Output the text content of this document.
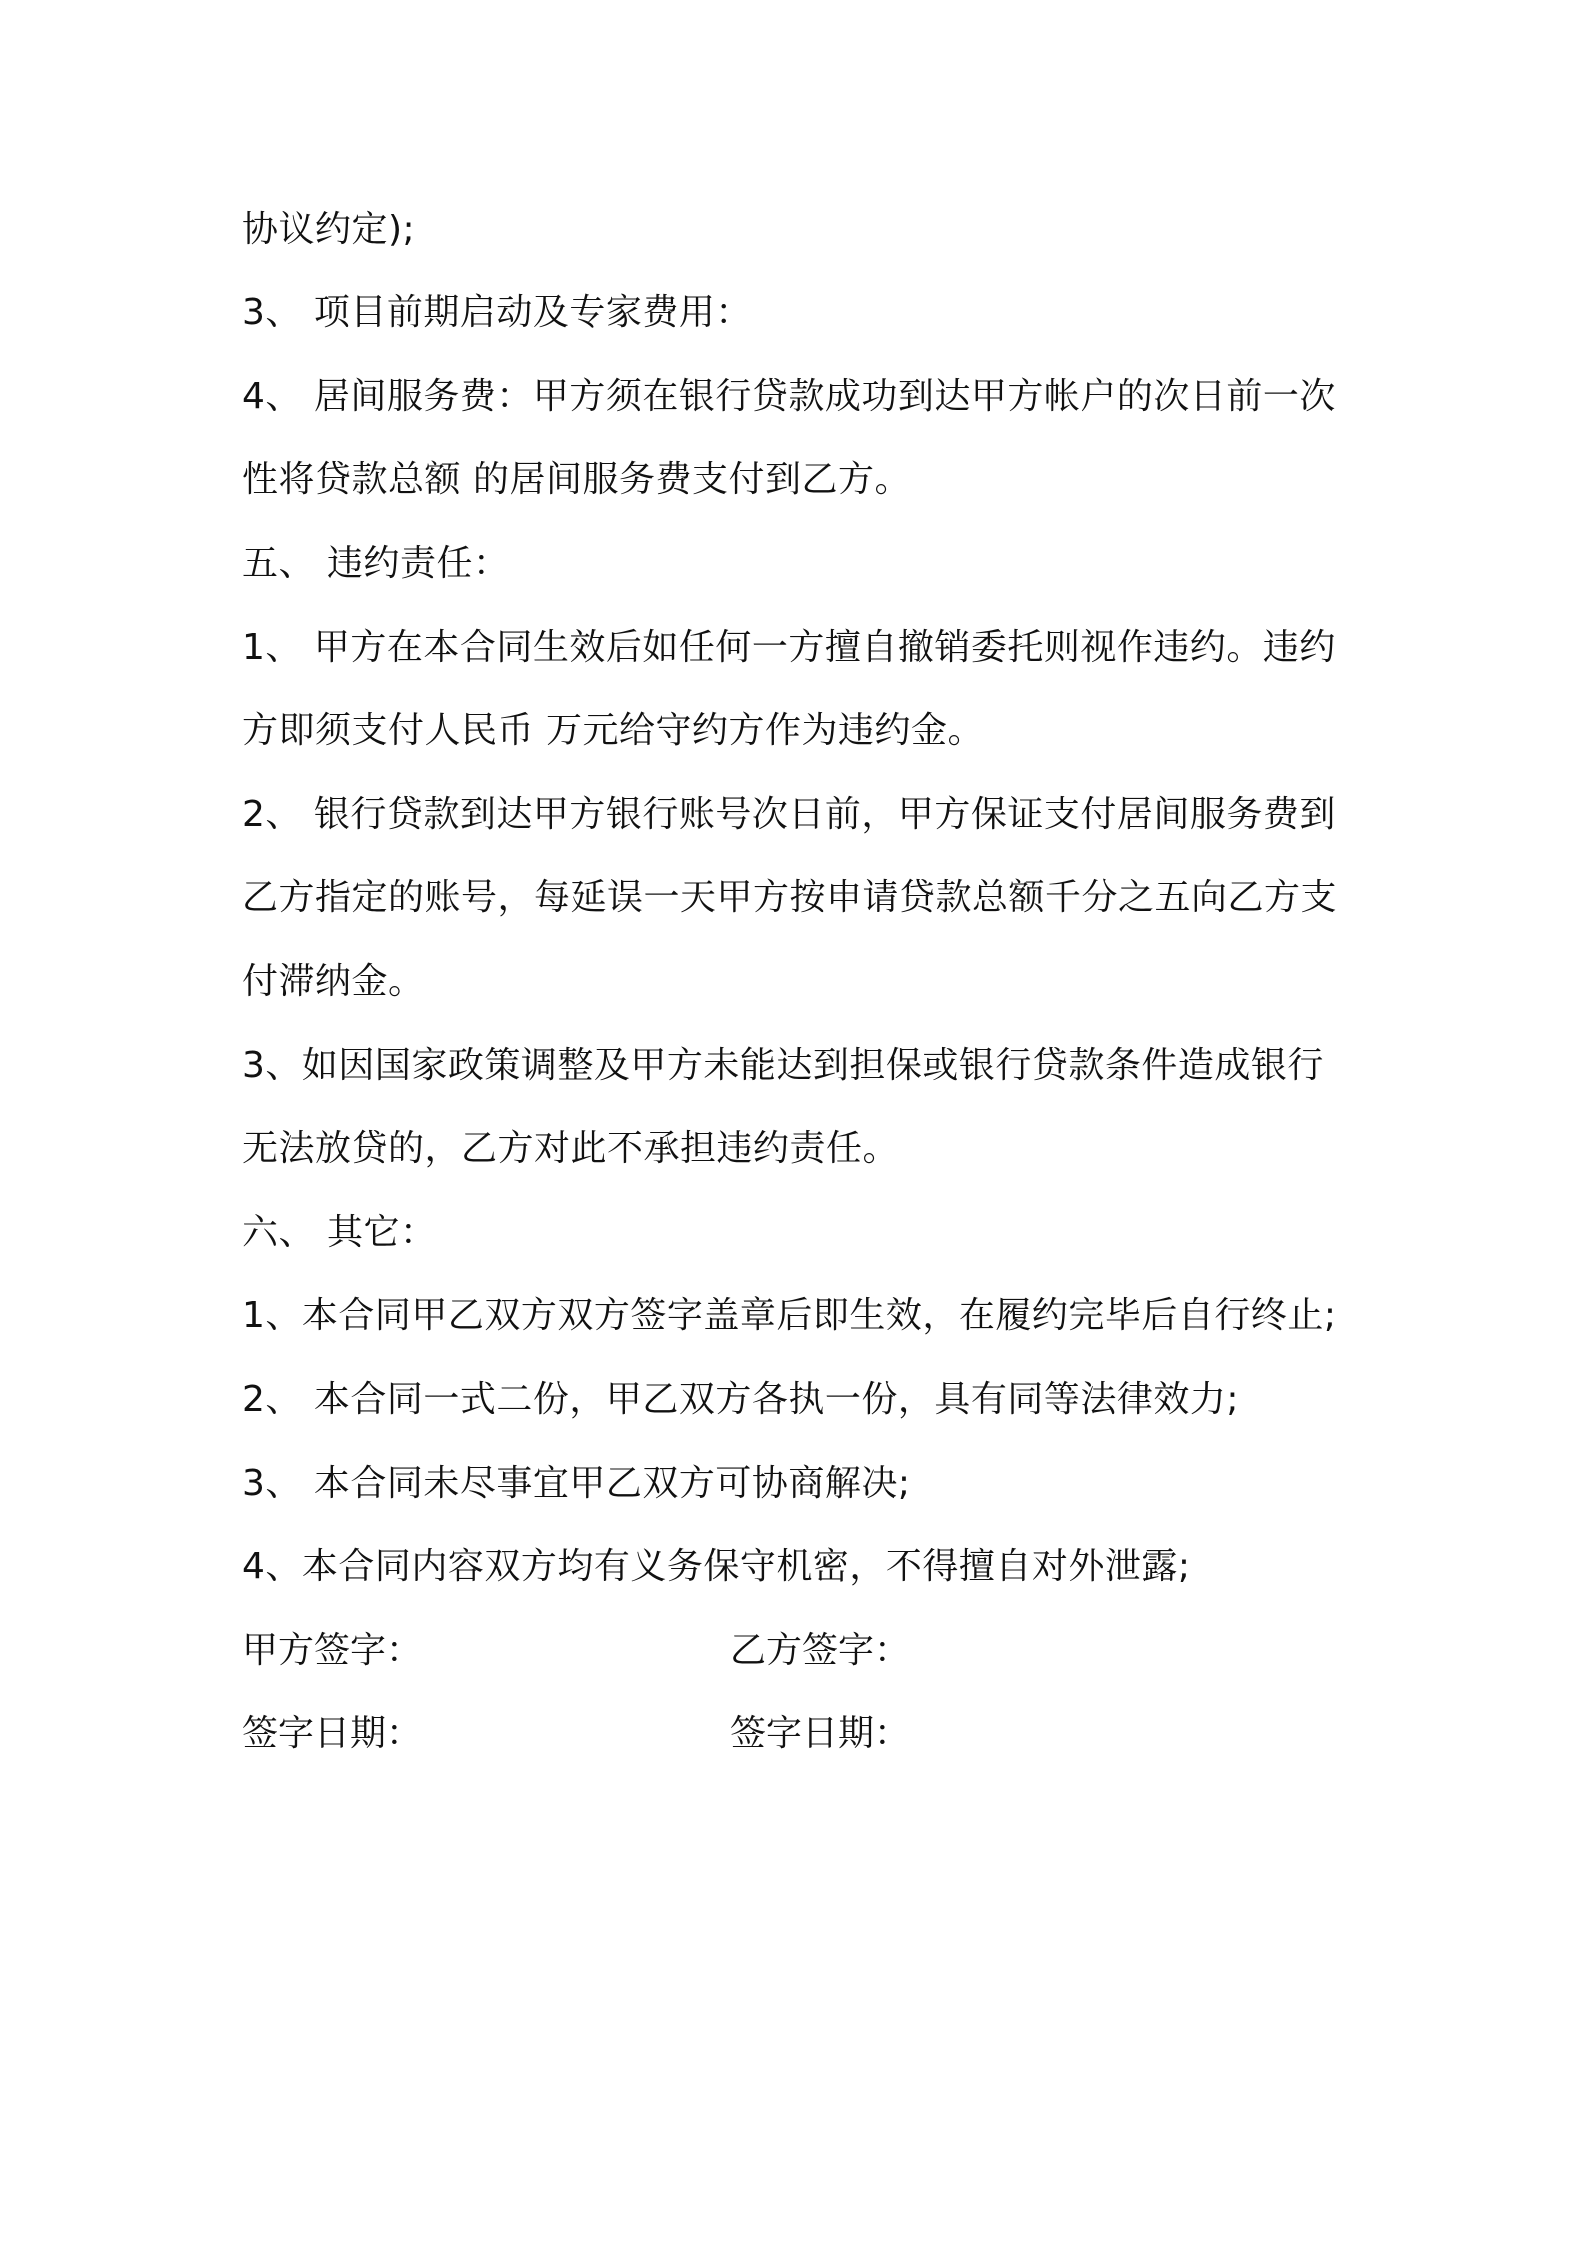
协议约定);
3、 项目前期启动及专家费用：
4、 居间服务费：甲方须在银行贷款成功到达甲方帐户的次日前一次
性将贷款总额 的居间服务费支付到乙方。
五、 违约责任：
1、 甲方在本合同生效后如任何一方擅自撤销委托则视作违约。违约
方即须支付人民币 万元给守约方作为违约金。
2、 银行贷款到达甲方银行账号次日前，甲方保证支付居间服务费到
乙方指定的账号，每延误一天甲方按申请贷款总额千分之五向乙方支
付滞纳金。
3、如因国家政策调整及甲方未能达到担保或银行贷款条件造成银行
无法放贷的，乙方对此不承担违约责任。
六、 其它：
1、本合同甲乙双方双方签字盖章后即生效，在履约完毕后自行终止;
2、 本合同一式二份，甲乙双方各执一份，具有同等法律效力;
3、 本合同未尽事宜甲乙双方可协商解决;
4、本合同内容双方均有义务保守机密，不得擅自对外泄露;
甲方签字：	乙方签字：
签字日期：	签字日期：
